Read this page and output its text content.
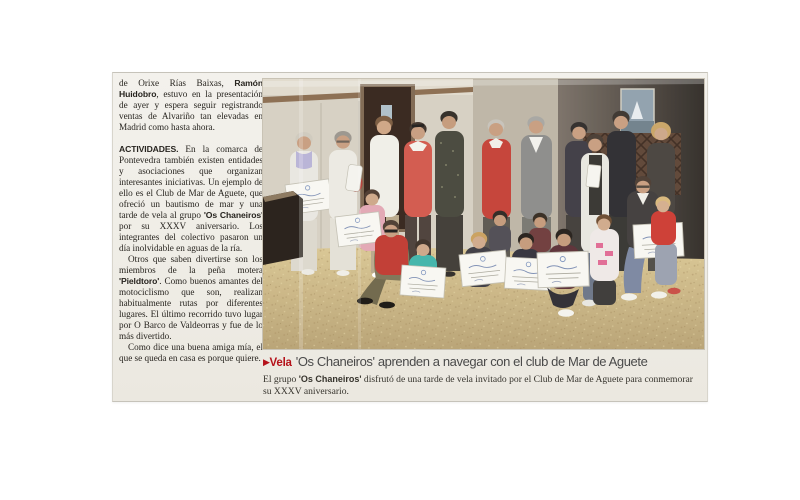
de Orixe Rías Baixas, Ramón Huidobro, estuvo en la presentación de ayer y espera seguir registrando ventas de Alvariño tan elevadas en Madrid como hasta ahora.

ACTIVIDADES. En la comarca de Pontevedra también existen entidades y asociaciones que organizan interesantes iniciativas. Un ejemplo de ello es el Club de Mar de Aguete, que ofreció un bautismo de mar y una tarde de vela al grupo 'Os Chaneiros' por su XXXV aniversario. Los integrantes del colectivo pasaron un día inolvidable en aguas de la ría.

Otros que saben divertirse son los miembros de la peña motera 'Pieldtoro'. Como buenos amantes del motociclismo que son, realizan habitualmente rutas por diferentes lugares. El último recorrido tuvo lugar por O Barco de Valdeorras y fue de lo más divertido.

Como dice una buena amiga mía, el que se queda en casa es porque quiere. ▶Vela 'Os Chaneiros' aprenden a navegar con el club de Mar de Aguete
El grupo 'Os Chaneiros' disfrutó de una tarde de vela invitado por el Club de Mar de Aguete para conmemorar su XXXV aniversario.
